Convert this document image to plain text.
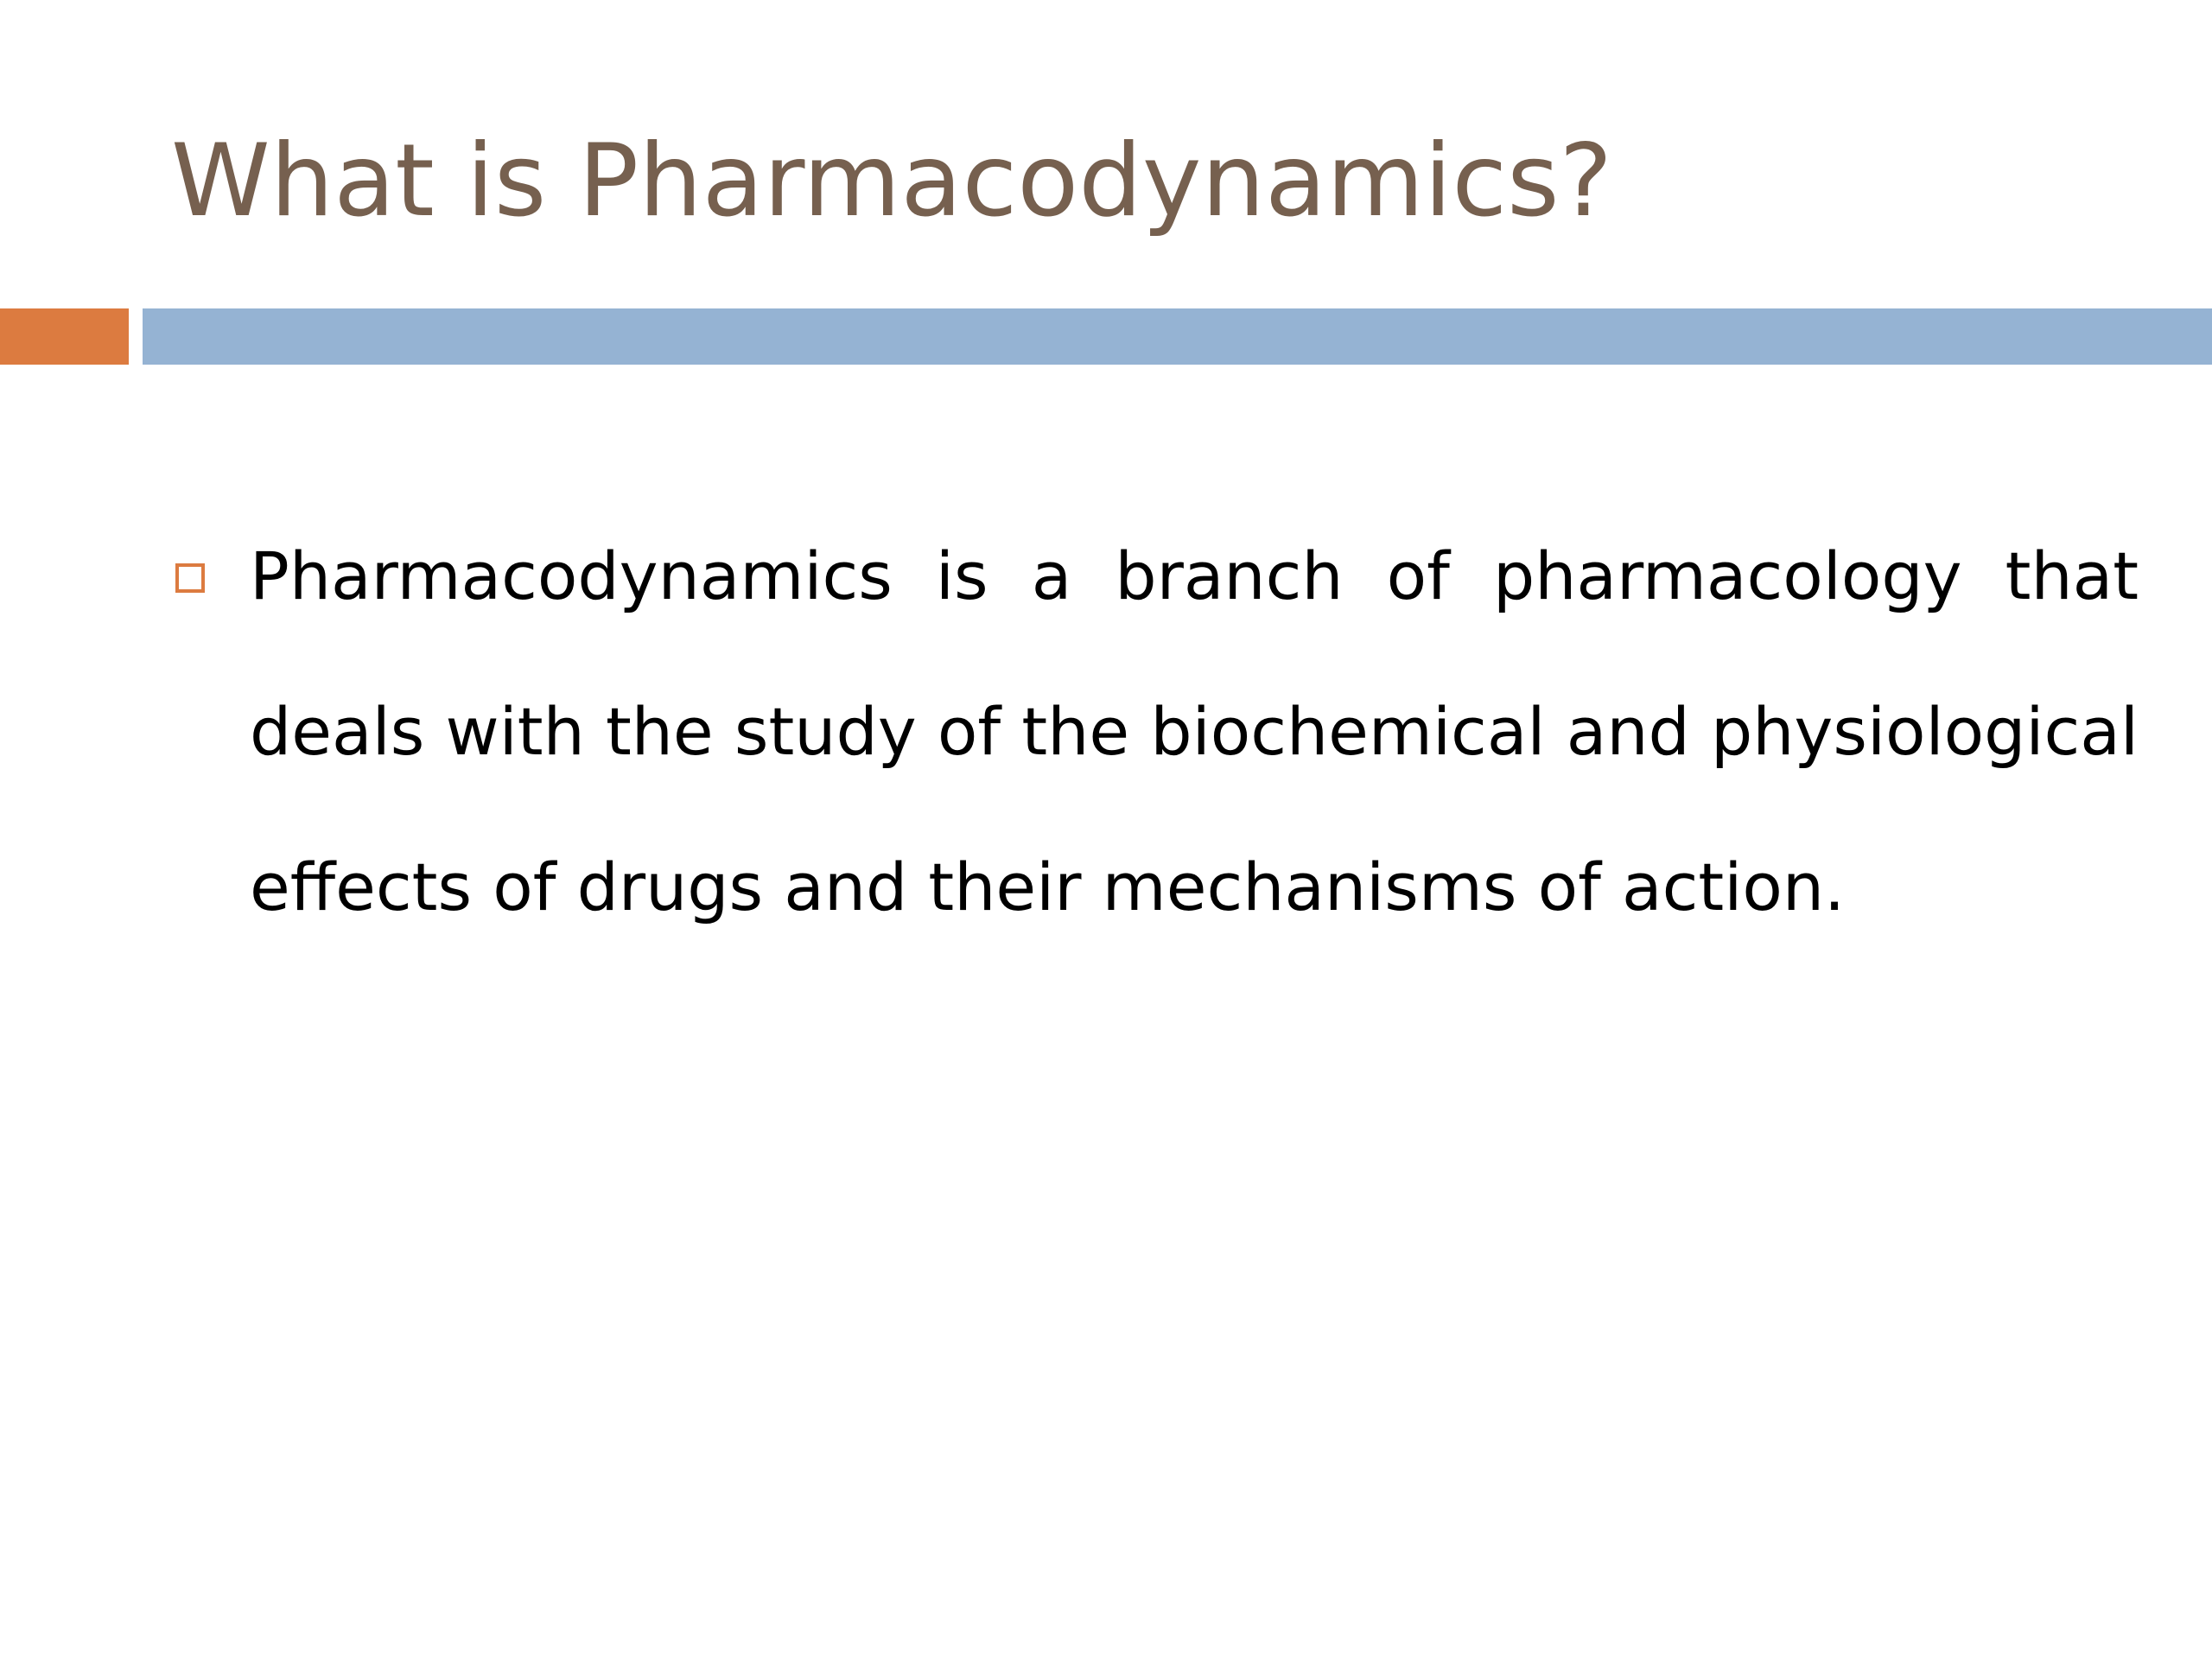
What is Pharmacodynamics?

Pharmacodynamics is a branch of pharmacology that deals with the study of the biochemical and physiological effects of drugs and their mechanisms of action.
